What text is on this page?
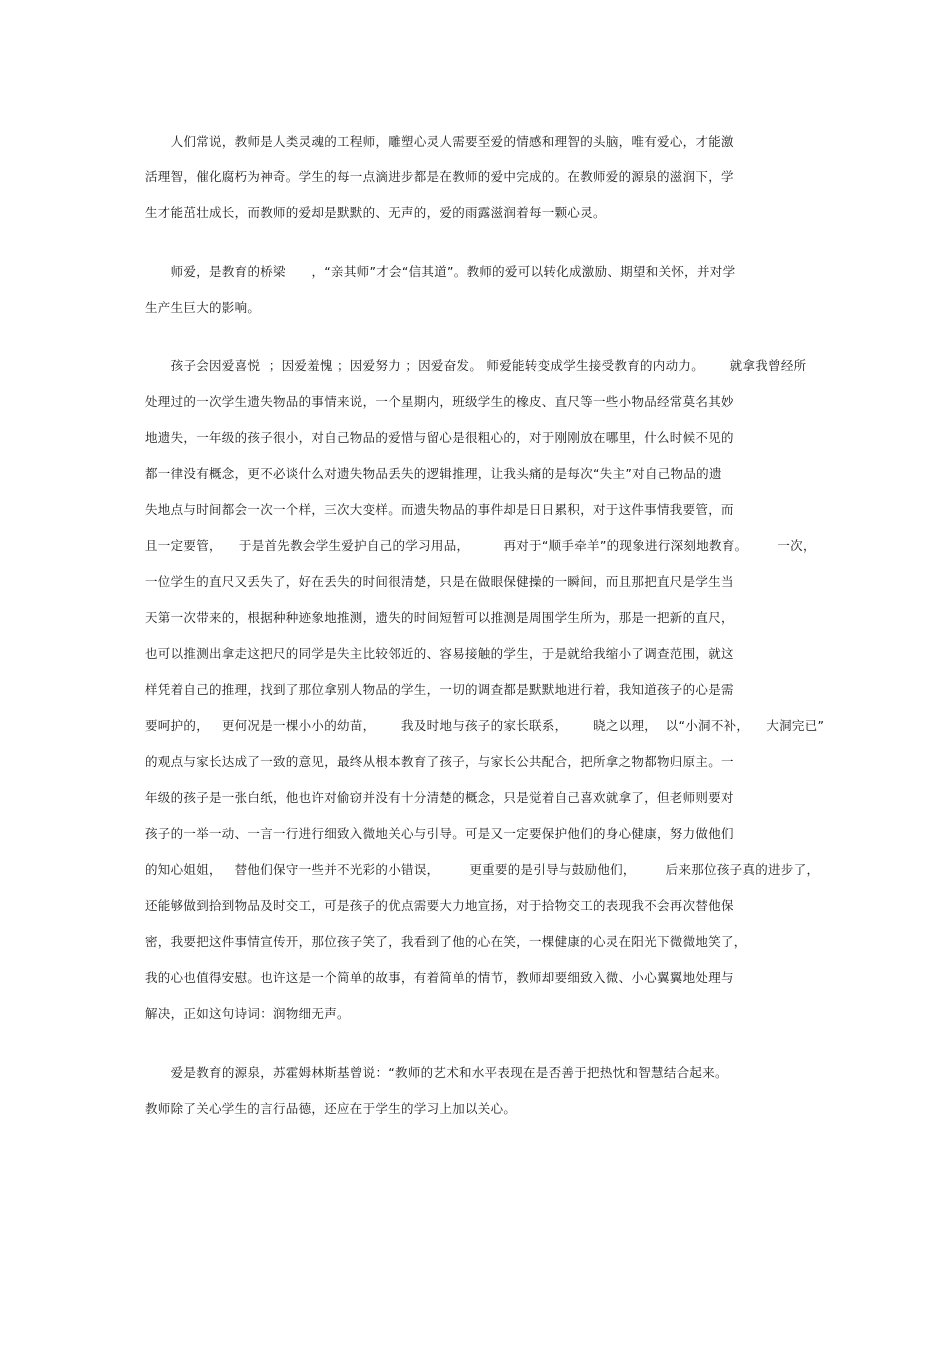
人们常说，教师是人类灵魂的工程师，雕塑心灵人需要至爱的情感和理智的头脑，唯有爱心，才能激
活理智，催化腐朽为神奇。学生的每一点滴进步都是在教师的爱中完成的。在教师爱的源泉的滋润下，学
生才能茁壮成长，而教师的爱却是默默的、无声的，爱的雨露滋润着每一颗心灵。
师爱，是教育的桥梁      ，“亲其师”才会“信其道”。教师的爱可以转化成激励、期望和关怀，并对学
生产生巨大的影响。
孩子会因爱喜悦  ；因爱羞愧 ；因爱努力 ；因爱奋发。 师爱能转变成学生接受教育的内动力。      就拿我曾经所
处理过的一次学生遗失物品的事情来说，一个星期内，班级学生的橡皮、直尺等一些小物品经常莫名其妙
地遗失，一年级的孩子很小，对自己物品的爱惜与留心是很粗心的，对于刚刚放在哪里，什么时候不见的
都一律没有概念，更不必谈什么对遗失物品丢失的逻辑推理，让我头痛的是每次“失主”对自己物品的遗
失地点与时间都会一次一个样，三次大变样。而遗失物品的事件却是日日累积，对于这件事情我要管，而
且一定要管，    于是首先教会学生爱护自己的学习用品，        再对于“顺手牵羊”的现象进行深刻地教育。       一次，
一位学生的直尺又丢失了，好在丢失的时间很清楚，只是在做眼保健操的一瞬间，而且那把直尺是学生当
天第一次带来的，根据种种迹象地推测，遗失的时间短暂可以推测是周围学生所为，那是一把新的直尺，
也可以推测出拿走这把尺的同学是失主比较邻近的、容易接触的学生，于是就给我缩小了调查范围，就这
样凭着自己的推理，找到了那位拿别人物品的学生，一切的调查都是默默地进行着，我知道孩子的心是需
要呵护的，   更何况是一棵小小的幼苗，      我及时地与孩子的家长联系，      晓之以理，  以“小洞不补，    大洞完已”
的观点与家长达成了一致的意见，最终从根本教育了孩子，与家长公共配合，把所拿之物都物归原主。一
年级的孩子是一张白纸，他也许对偷窃并没有十分清楚的概念，只是觉着自己喜欢就拿了，但老师则要对
孩子的一举一动、一言一行进行细致入微地关心与引导。可是又一定要保护他们的身心健康，努力做他们
的知心姐姐，   替他们保守一些并不光彩的小错误，       更重要的是引导与鼓励他们，       后来那位孩子真的进步了，
还能够做到拾到物品及时交工，可是孩子的优点需要大力地宣扬，对于拾物交工的表现我不会再次替他保
密，我要把这件事情宣传开，那位孩子笑了，我看到了他的心在笑，一棵健康的心灵在阳光下微微地笑了，
我的心也值得安慰。也许这是一个简单的故事，有着简单的情节，教师却要细致入微、小心翼翼地处理与
解决，正如这句诗词：润物细无声。
爱是教育的源泉，苏霍姆林斯基曾说：“教师的艺术和水平表现在是否善于把热忱和智慧结合起来。
教师除了关心学生的言行品德，还应在于学生的学习上加以关心。
